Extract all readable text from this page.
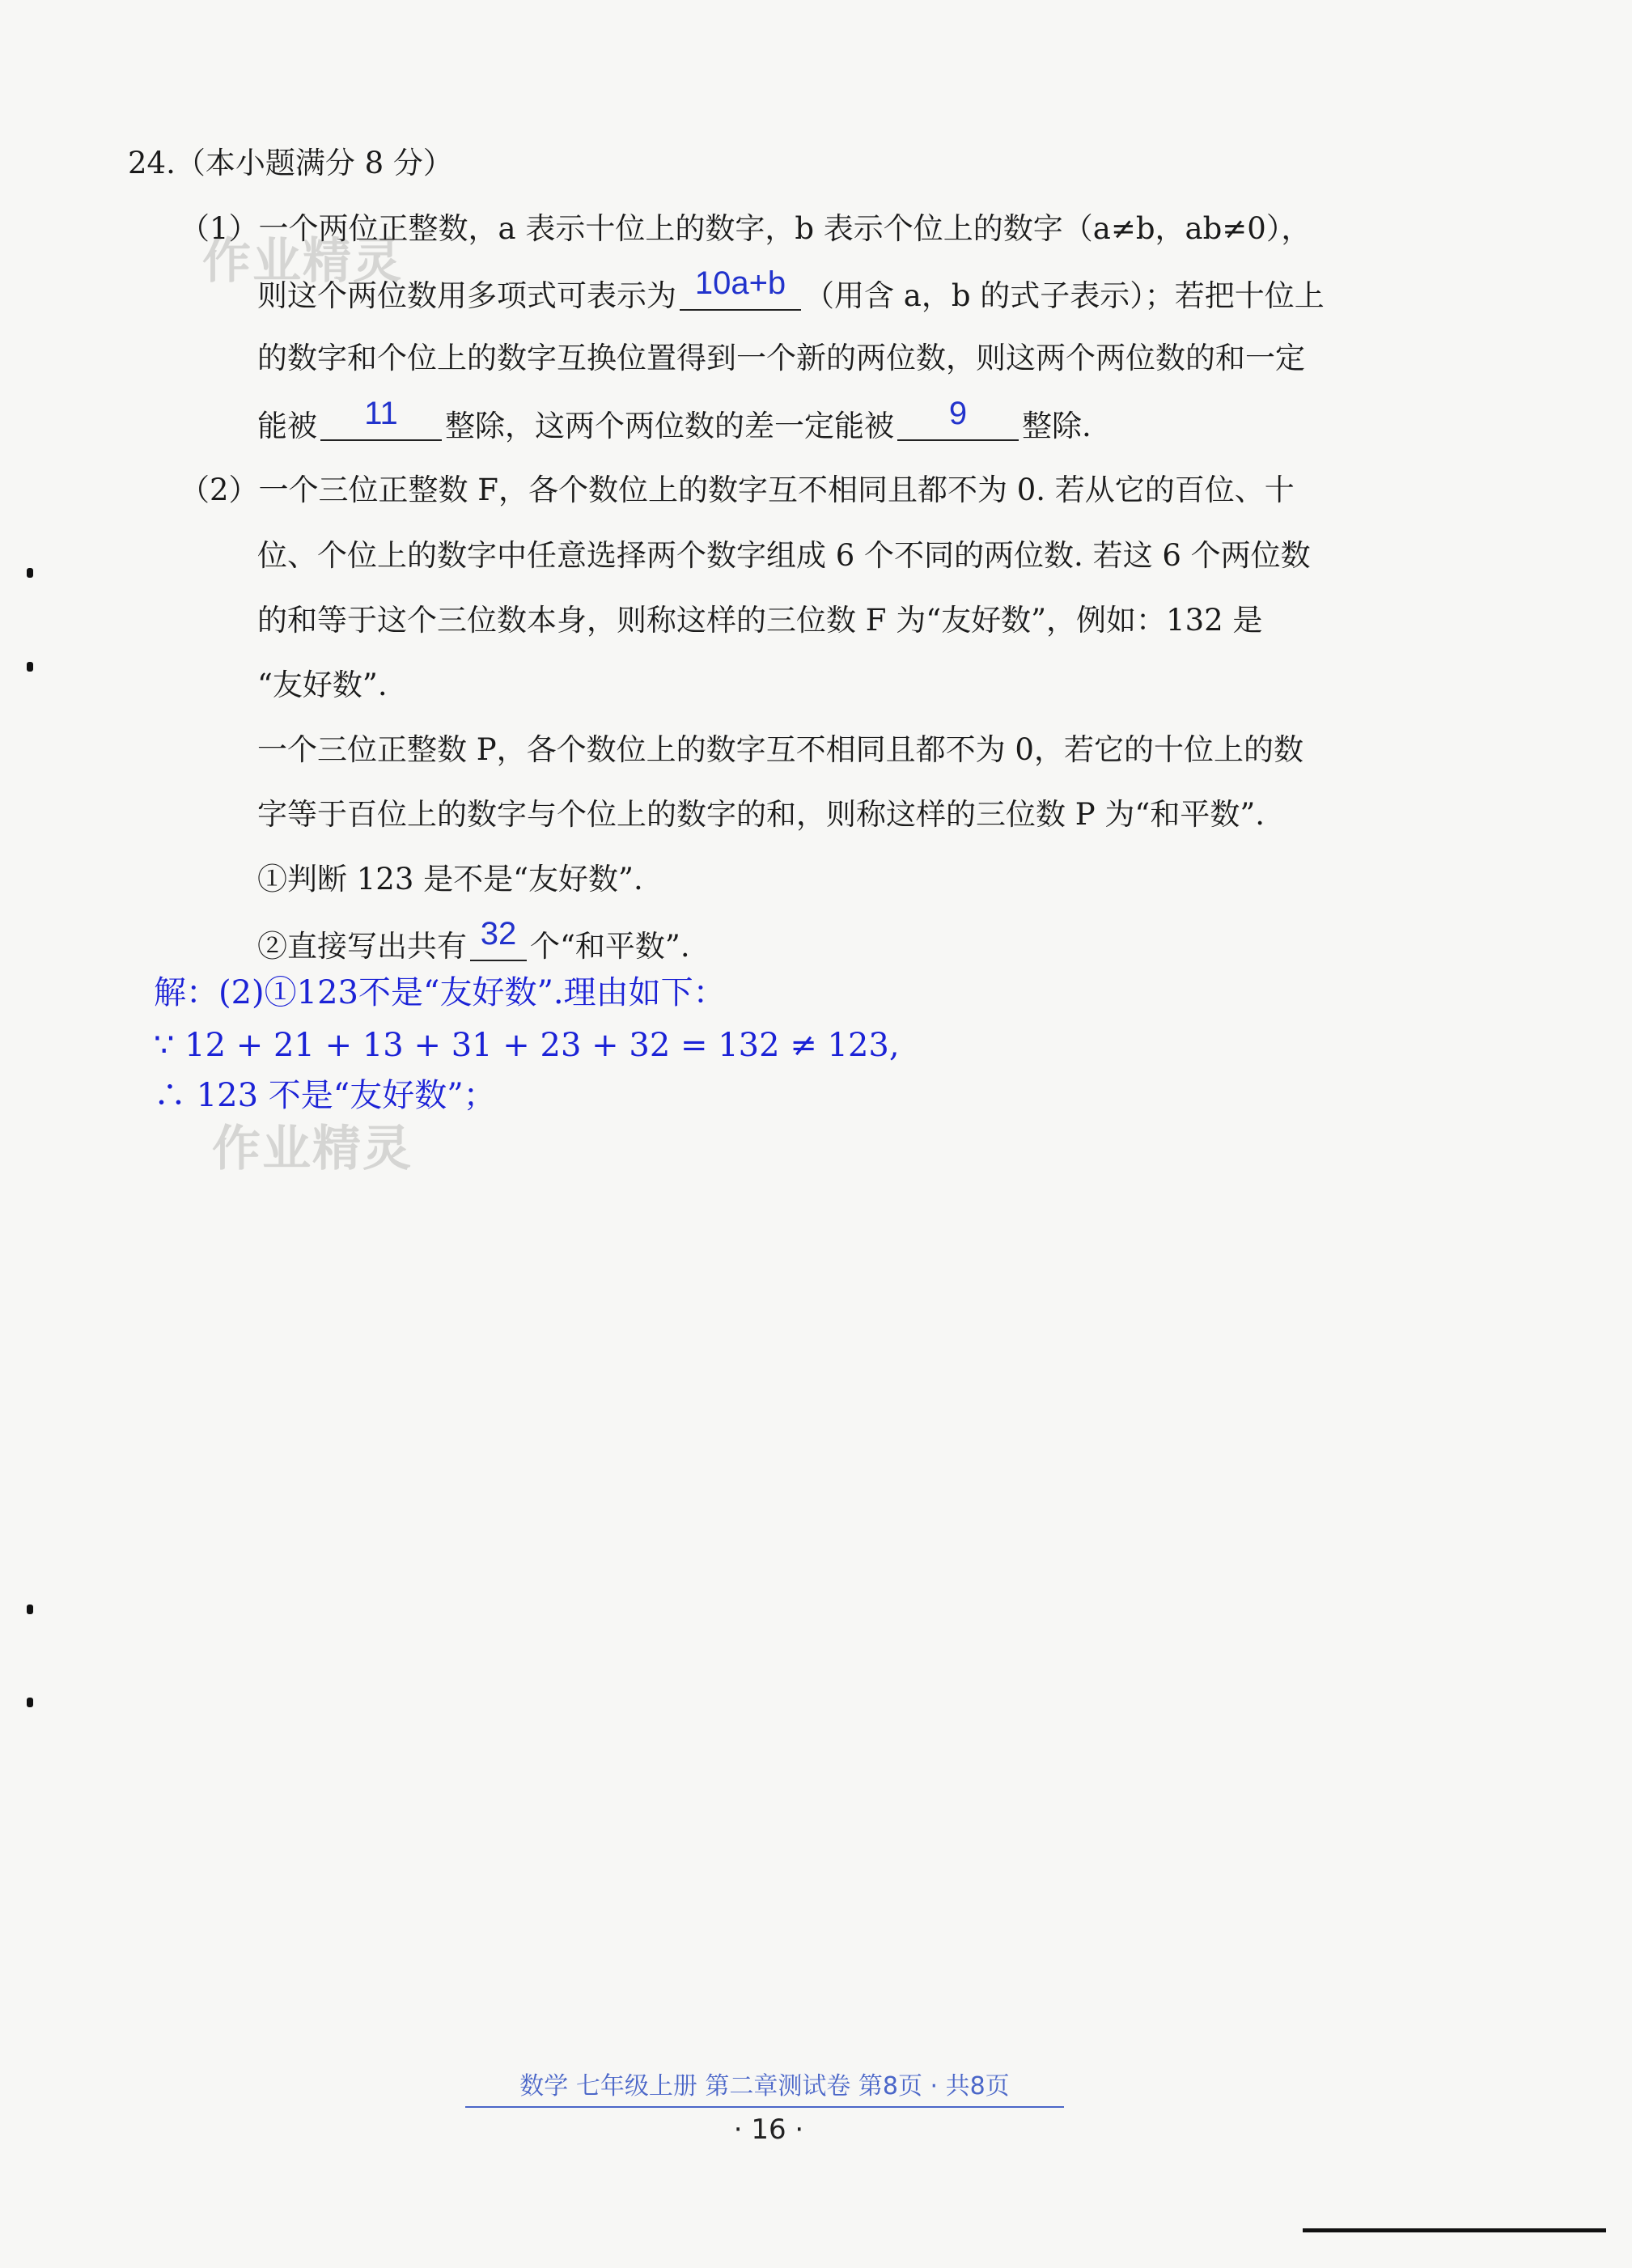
作业精灵
作业精灵
24.（本小题满分 8 分）
（1）一个两位正整数，a 表示十位上的数字，b 表示个位上的数字（a≠b，ab≠0），
则这个两位数用多项式可表示为 10a+b （用含 a，b 的式子表示）；若把十位上
的数字和个位上的数字互换位置得到一个新的两位数，则这两个两位数的和一定
能被	11	整除，这两个两位数的差一定能被	9	整除.
（2）一个三位正整数 F，各个数位上的数字互不相同且都不为 0. 若从它的百位、十
位、个位上的数字中任意选择两个数字组成 6 个不同的两位数. 若这 6 个两位数
的和等于这个三位数本身，则称这样的三位数 F 为“友好数”，例如：132 是
“友好数”.
一个三位正整数 P，各个数位上的数字互不相同且都不为 0，若它的十位上的数
字等于百位上的数字与个位上的数字的和，则称这样的三位数 P 为“和平数”.
①判断 123 是不是“友好数”.
②直接写出共有 32 个“和平数”.
解：(2)①123不是“友好数”.理由如下：
∵ 12 + 21 + 13 + 31 + 23 + 32 = 132 ≠ 123,
∴ 123 不是“友好数”；
数学 七年级上册 第二章测试卷 第8页 · 共8页
· 16 ·
